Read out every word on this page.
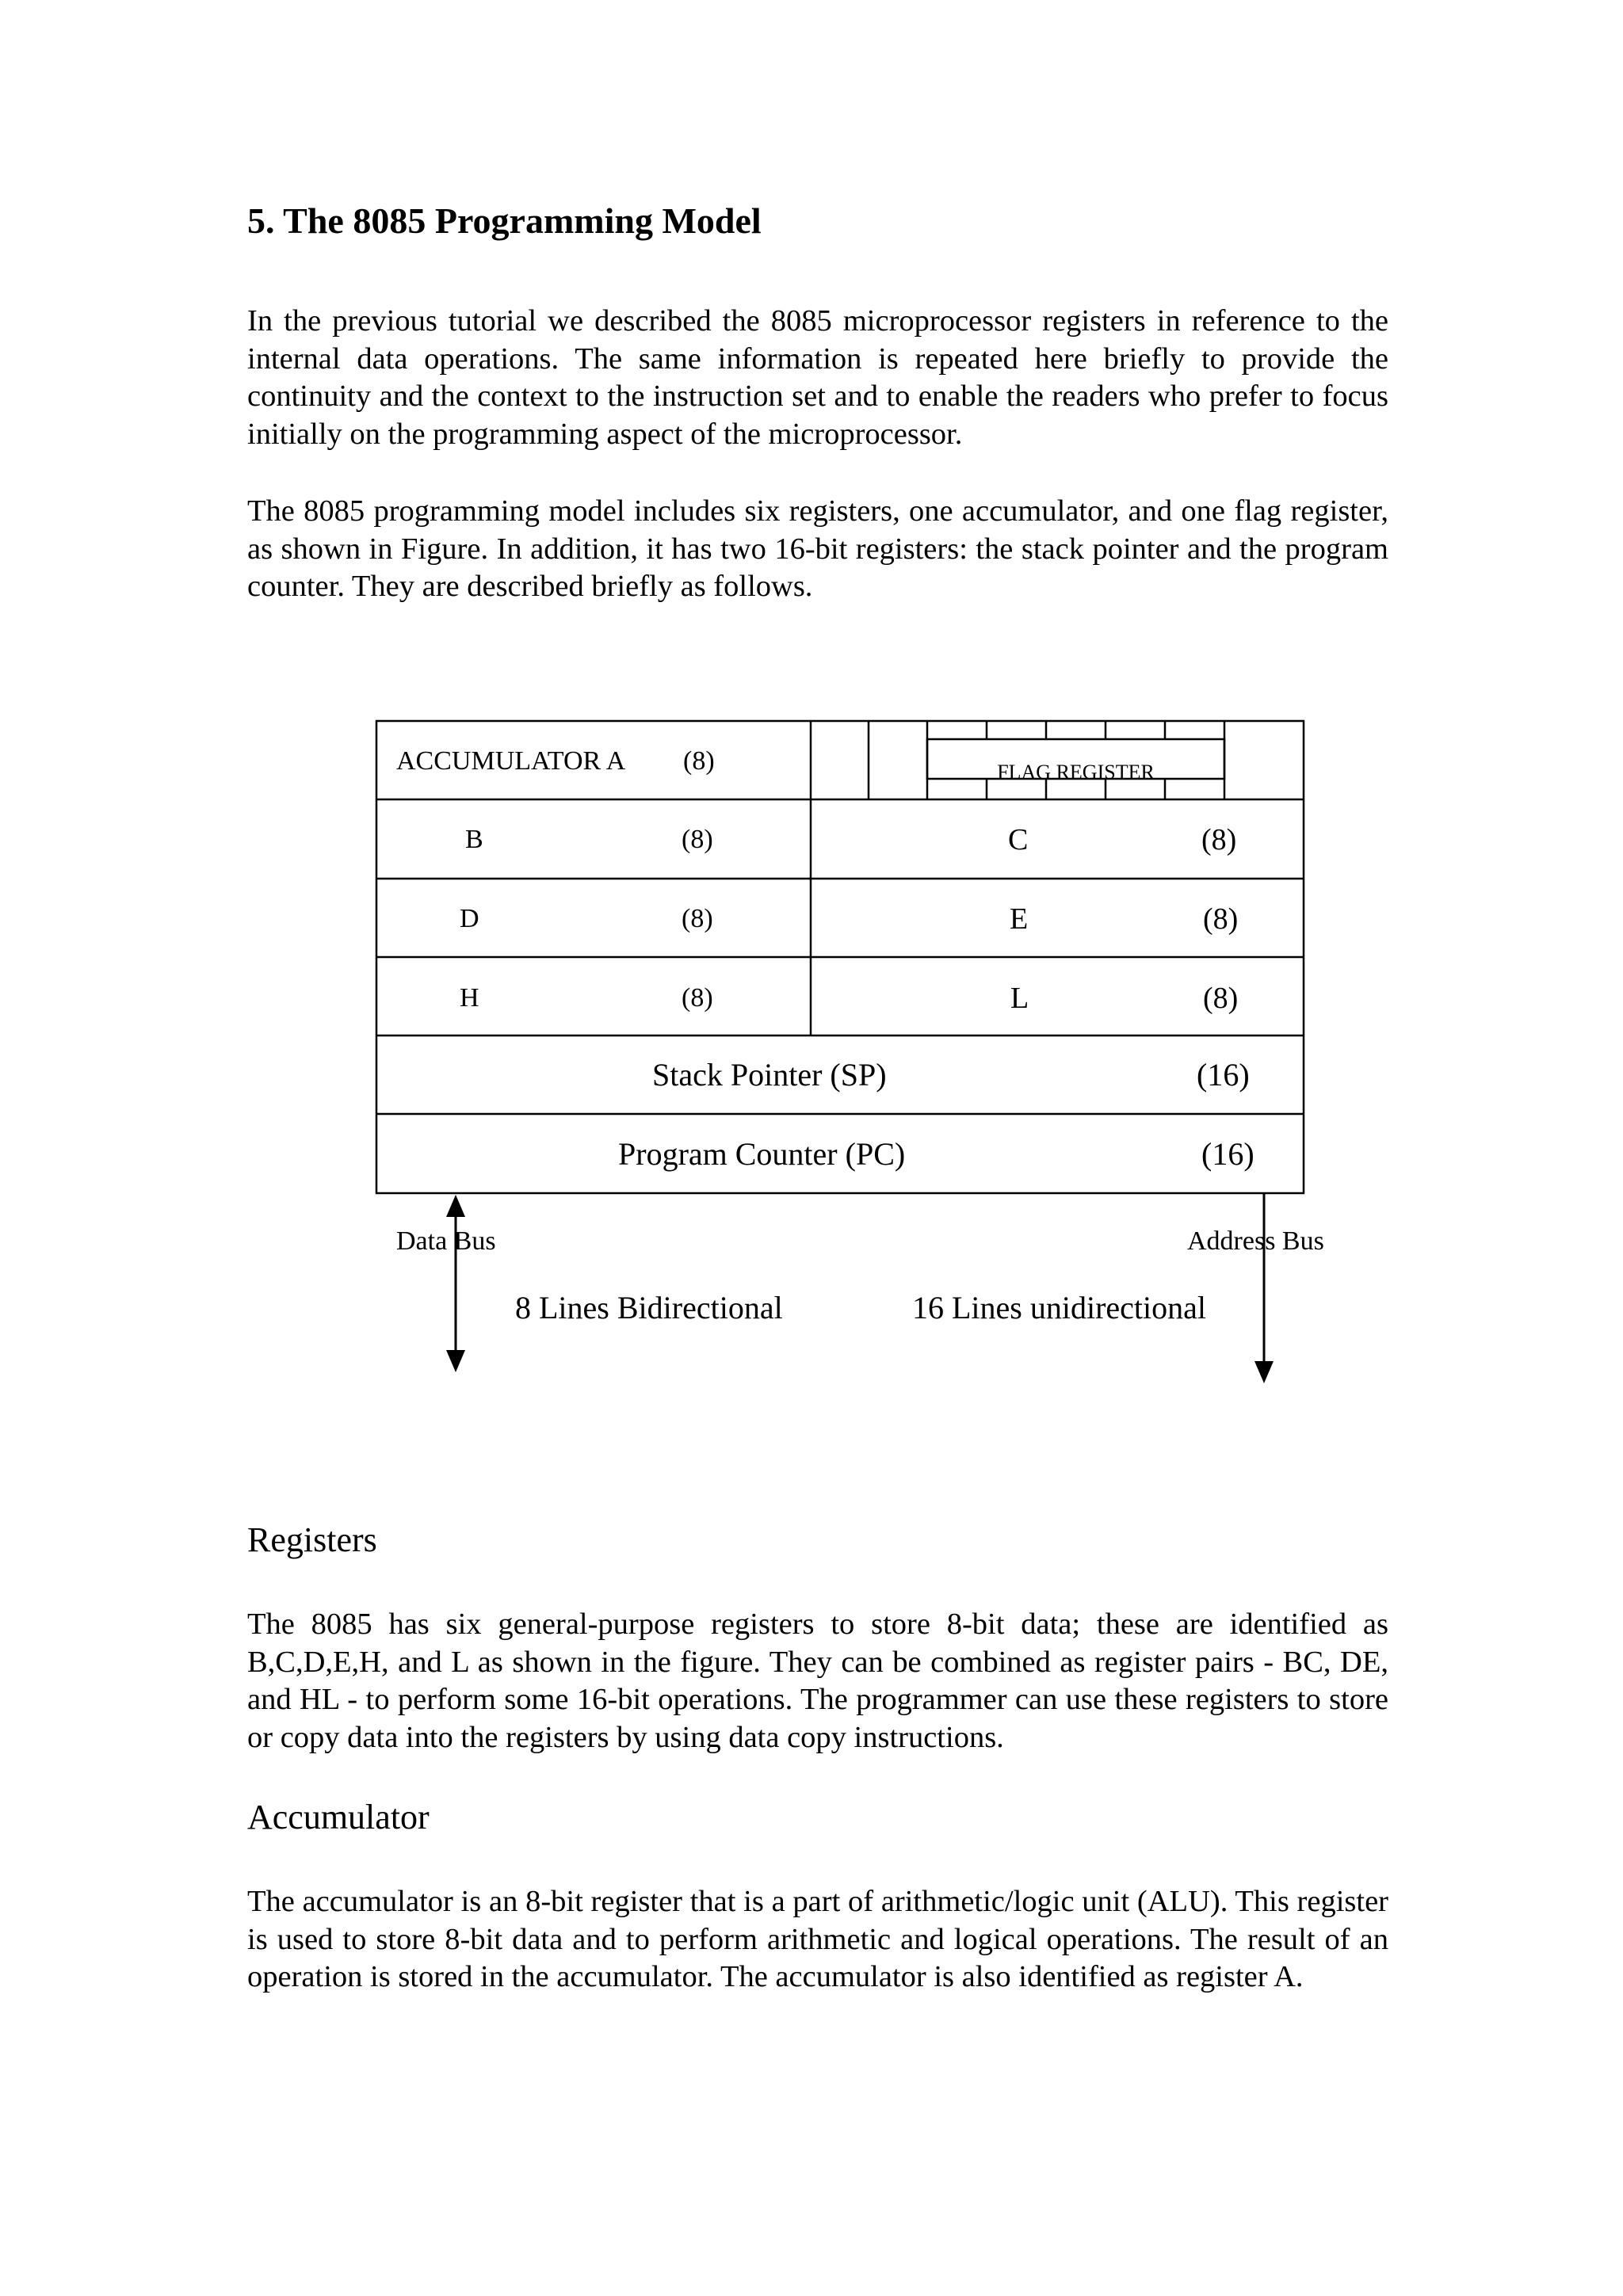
5. The 8085 Programming Model

In the previous tutorial we described the 8085 microprocessor registers in reference to the internal data operations. The same information is repeated here briefly to provide the continuity and the context to the instruction set and to enable the readers who prefer to focus initially on the programming aspect of the microprocessor.

The 8085 programming model includes six registers, one accumulator, and one flag register, as shown in Figure. In addition, it has two 16-bit registers: the stack pointer and the program counter. They are described briefly as follows.

ACCUMULATOR A (8)	FLAG REGISTER
B	(8)	C	(8)
D	(8)	E	(8)
H	(8)	L	(8)
Stack Pointer (SP)	(16)
Program Counter (PC)	(16)
Data Bus	Address Bus
8 Lines Bidirectional	16 Lines unidirectional
Registers

The 8085 has six general-purpose registers to store 8-bit data; these are identified as B,C,D,E,H, and L as shown in the figure. They can be combined as register pairs - BC, DE, and HL - to perform some 16-bit operations. The programmer can use these registers to store or copy data into the registers by using data copy instructions.

Accumulator

The accumulator is an 8-bit register that is a part of arithmetic/logic unit (ALU). This register is used to store 8-bit data and to perform arithmetic and logical operations. The result of an operation is stored in the accumulator. The accumulator is also identified as register A.
